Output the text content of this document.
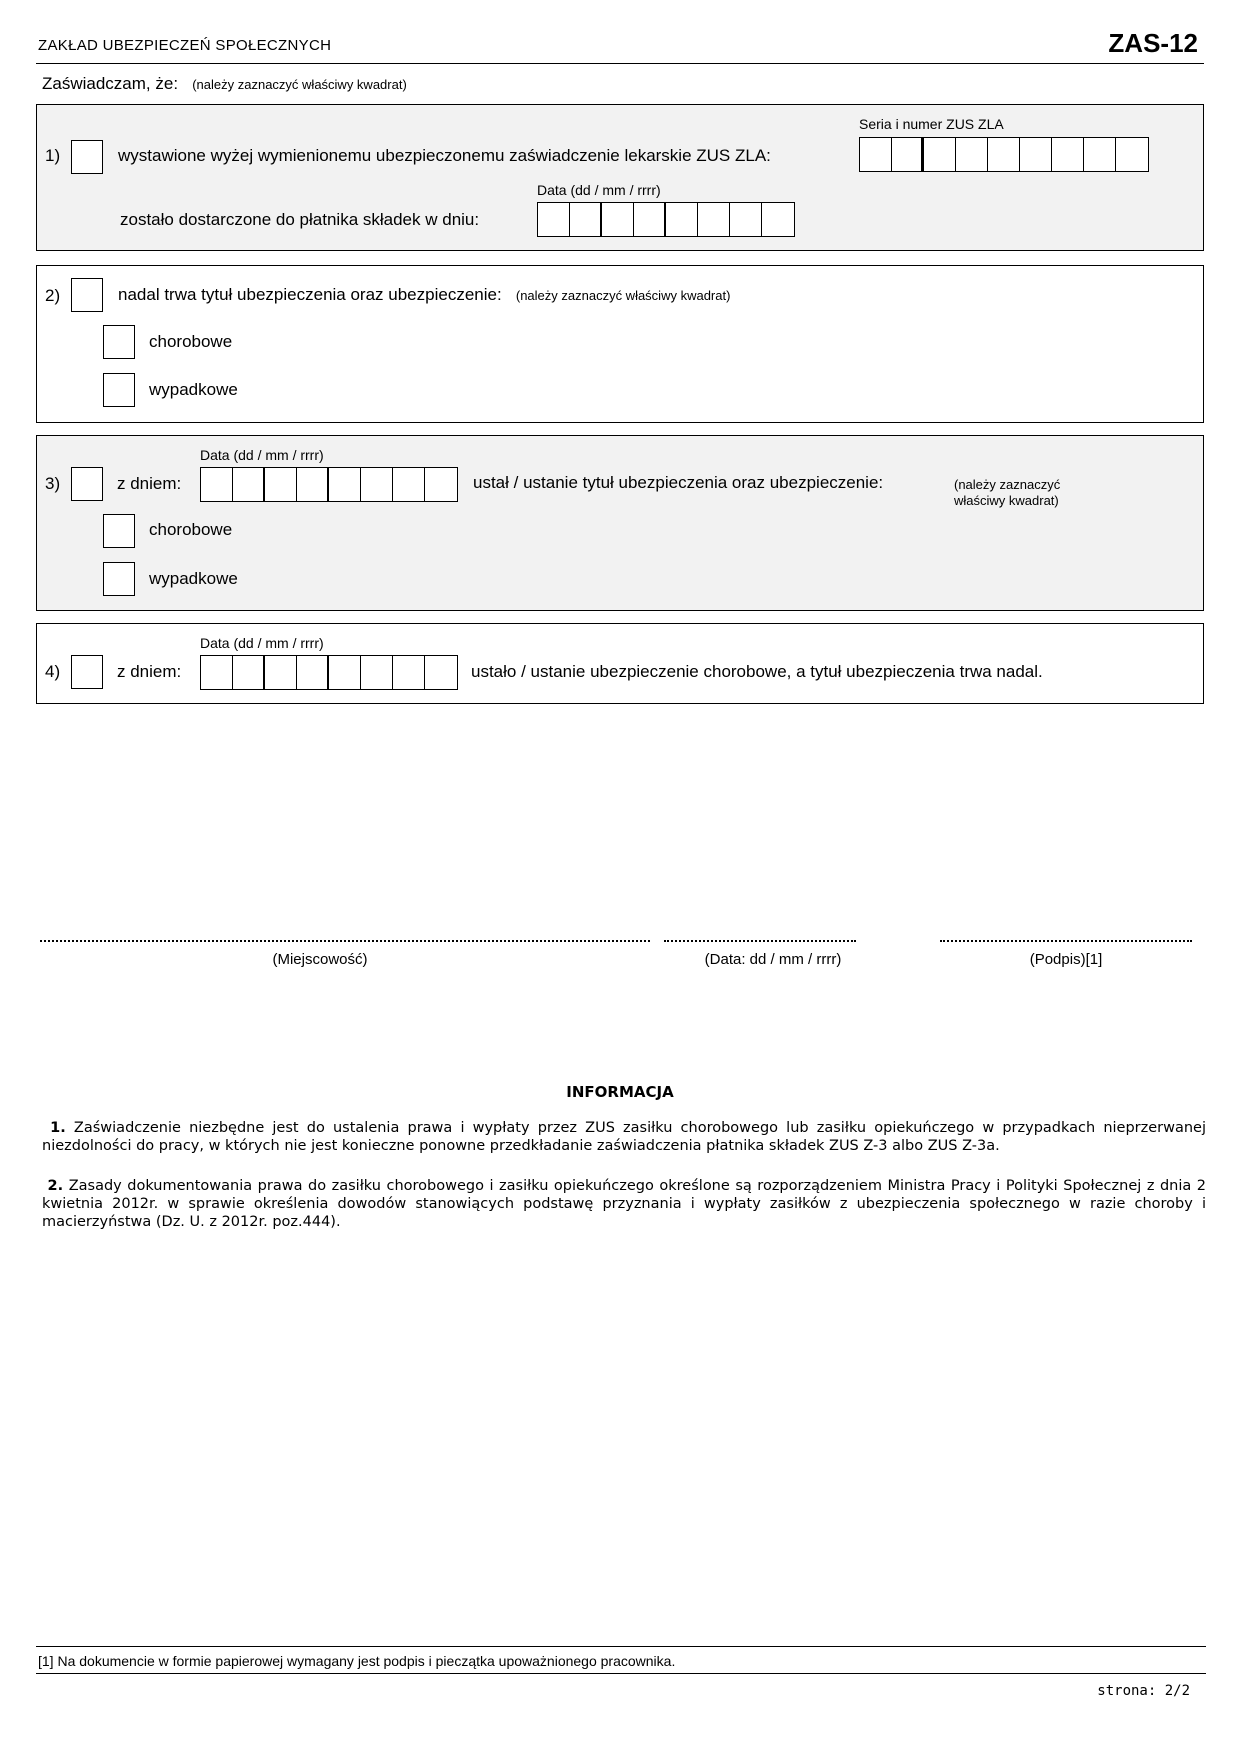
ZAKŁAD UBEZPIECZEŃ SPOŁECZNYCH	ZAS-12
Zaświadczam, że: (należy zaznaczyć właściwy kwadrat)
1)	wystawione wyżej wymienionemu ubezpieczonemu zaświadczenie lekarskie ZUS ZLA:
Seria i numer ZUS ZLA
Data (dd / mm / rrrr)
zostało dostarczone do płatnika składek w dniu:
2)	nadal trwa tytuł ubezpieczenia oraz ubezpieczenie: (należy zaznaczyć właściwy kwadrat)
chorobowe
wypadkowe
3)	z dniem:
Data (dd / mm / rrrr)
ustał / ustanie tytuł ubezpieczenia oraz ubezpieczenie:	(należy zaznaczyć
właściwy kwadrat)
chorobowe
wypadkowe
4)	z dniem:
Data (dd / mm / rrrr)
ustało / ustanie ubezpieczenie chorobowe, a tytuł ubezpieczenia trwa nadal.
(Miejscowość)	(Data: dd / mm / rrrr)	(Podpis)[1]
INFORMACJA
1. Zaświadczenie niezbędne jest do ustalenia prawa i wypłaty przez ZUS zasiłku chorobowego lub zasiłku opiekuńczego w przypadkach nieprzerwanej niezdolności do pracy, w których nie jest konieczne ponowne przedkładanie zaświadczenia płatnika składek ZUS Z-3 albo ZUS Z-3a.
2. Zasady dokumentowania prawa do zasiłku chorobowego i zasiłku opiekuńczego określone są rozporządzeniem Ministra Pracy i Polityki Społecznej z dnia 2 kwietnia 2012r. w sprawie określenia dowodów stanowiących podstawę przyznania i wypłaty zasiłków z ubezpieczenia społecznego w razie choroby i macierzyństwa (Dz. U. z 2012r. poz.444).
[1] Na dokumencie w formie papierowej wymagany jest podpis i pieczątka upoważnionego pracownika.
strona: 2/2
